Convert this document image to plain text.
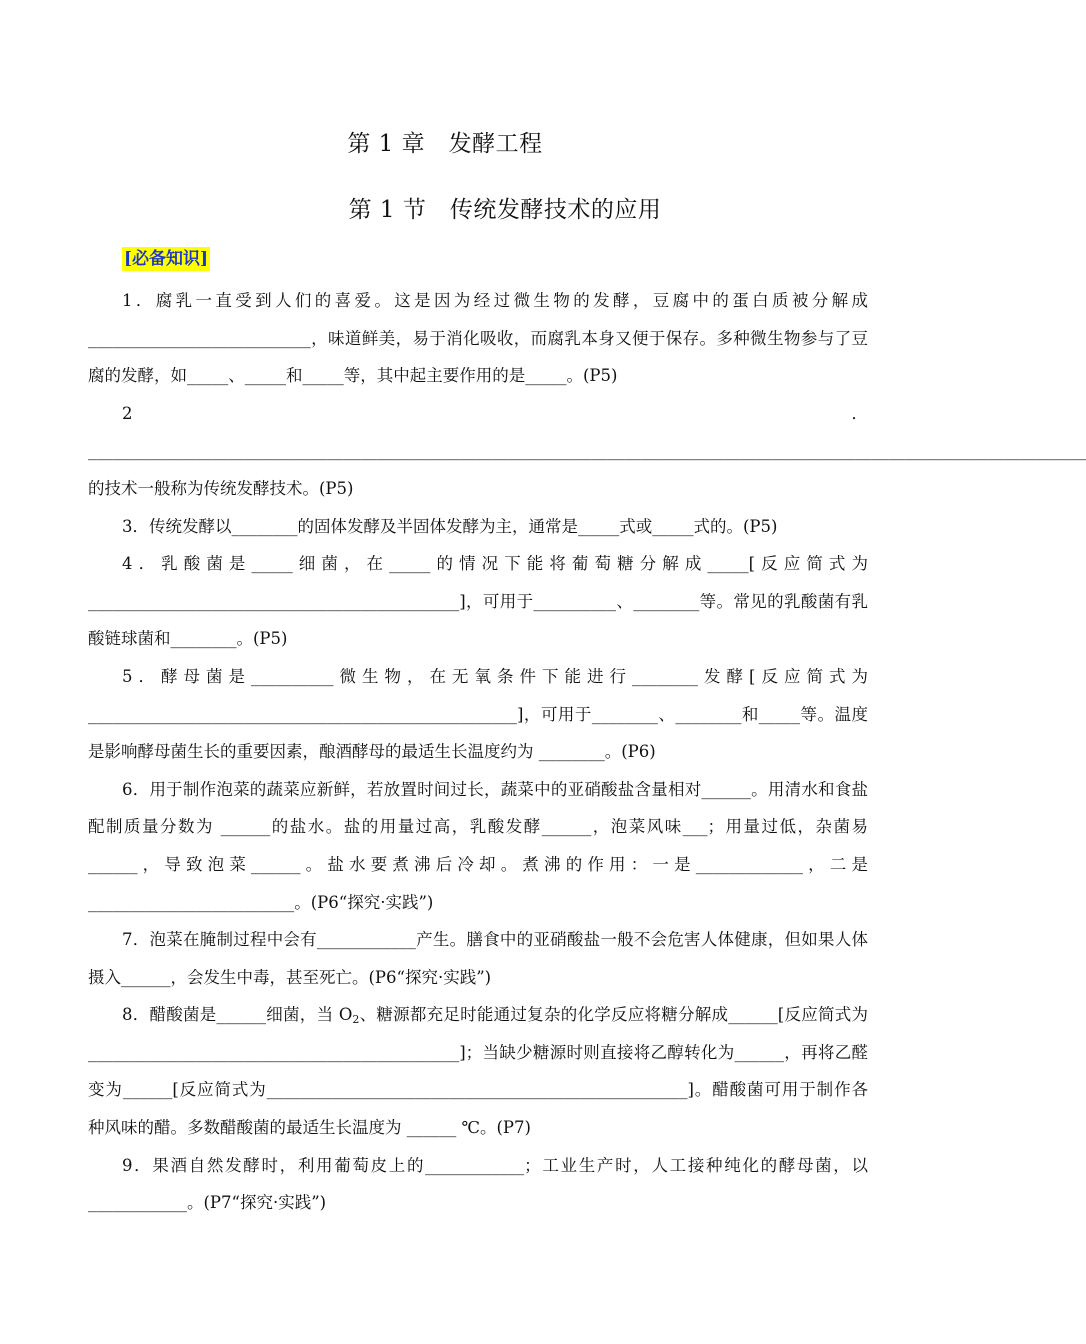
第 1 章　发酵工程
第 1 节　传统发酵技术的应用
[必备知识]

1．腐乳一直受到人们的喜爱。这是因为经过微生物的发酵，豆腐中的蛋白质被分解成___________________________，味道鲜美，易于消化吸收，而腐乳本身又便于保存。多种微生物参与了豆腐的发酵，如_____、_____和_____等，其中起主要作用的是_____。(P5)

2．_________________________________________________________________________________________________________________________的技术一般称为传统发酵技术。(P5)

3．传统发酵以________的固体发酵及半固体发酵为主，通常是_____式或_____式的。(P5)

4．乳酸菌是_____细菌，在_____的情况下能将葡萄糖分解成_____[反应简式为_____________________________________________]，可用于__________、________等。常见的乳酸菌有乳酸链球菌和________。(P5)

5．酵母菌是__________微生物，在无氧条件下能进行________发酵[反应简式为____________________________________________________]，可用于________、________和_____等。温度是影响酵母菌生长的重要因素，酿酒酵母的最适生长温度约为 ________。(P6)

6．用于制作泡菜的蔬菜应新鲜，若放置时间过长，蔬菜中的亚硝酸盐含量相对______。用清水和食盐配制质量分数为 ______的盐水。盐的用量过高，乳酸发酵______，泡菜风味___；用量过低，杂菌易______，导致泡菜______。盐水要煮沸后冷却。煮沸的作用：一是_____________，二是_________________________。(P6“探究·实践”)

7．泡菜在腌制过程中会有____________产生。膳食中的亚硝酸盐一般不会危害人体健康，但如果人体摄入______，会发生中毒，甚至死亡。(P6“探究·实践”)

8．醋酸菌是______细菌，当 $O_2$、糖源都充足时能通过复杂的化学反应将糖分解成______[反应简式为_____________________________________________]；当缺少糖源时则直接将乙醇转化为______，再将乙醛变为______[反应简式为___________________________________________________]。醋酸菌可用于制作各种风味的醋。多数醋酸菌的最适生长温度为 ______ ℃。(P7)

9．果酒自然发酵时，利用葡萄皮上的____________；工业生产时，人工接种纯化的酵母菌，以____________。(P7“探究·实践”)
